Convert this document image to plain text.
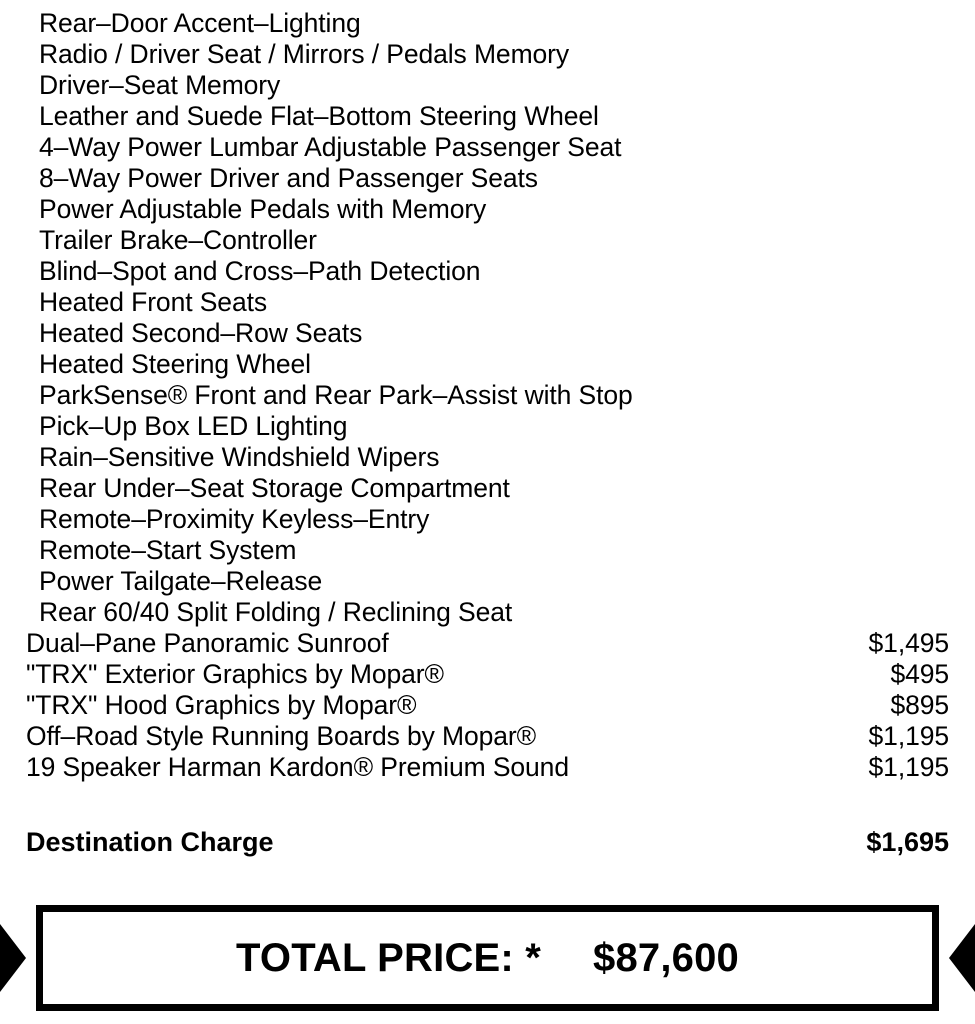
Rear–Door Accent–Lighting
Radio / Driver Seat / Mirrors / Pedals Memory
Driver–Seat Memory
Leather and Suede Flat–Bottom Steering Wheel
4–Way Power Lumbar Adjustable Passenger Seat
8–Way Power Driver and Passenger Seats
Power Adjustable Pedals with Memory
Trailer Brake–Controller
Blind–Spot and Cross–Path Detection
Heated Front Seats
Heated Second–Row Seats
Heated Steering Wheel
ParkSense® Front and Rear Park–Assist with Stop
Pick–Up Box LED Lighting
Rain–Sensitive Windshield Wipers
Rear Under–Seat Storage Compartment
Remote–Proximity Keyless–Entry
Remote–Start System
Power Tailgate–Release
Rear 60/40 Split Folding / Reclining Seat
Dual–Pane Panoramic Sunroof	$1,495
"TRX" Exterior Graphics by Mopar®	$495
"TRX" Hood Graphics by Mopar®	$895
Off–Road Style Running Boards by Mopar®	$1,195
19 Speaker Harman Kardon® Premium Sound	$1,195
Destination Charge	$1,695
TOTAL PRICE: * $87,600
